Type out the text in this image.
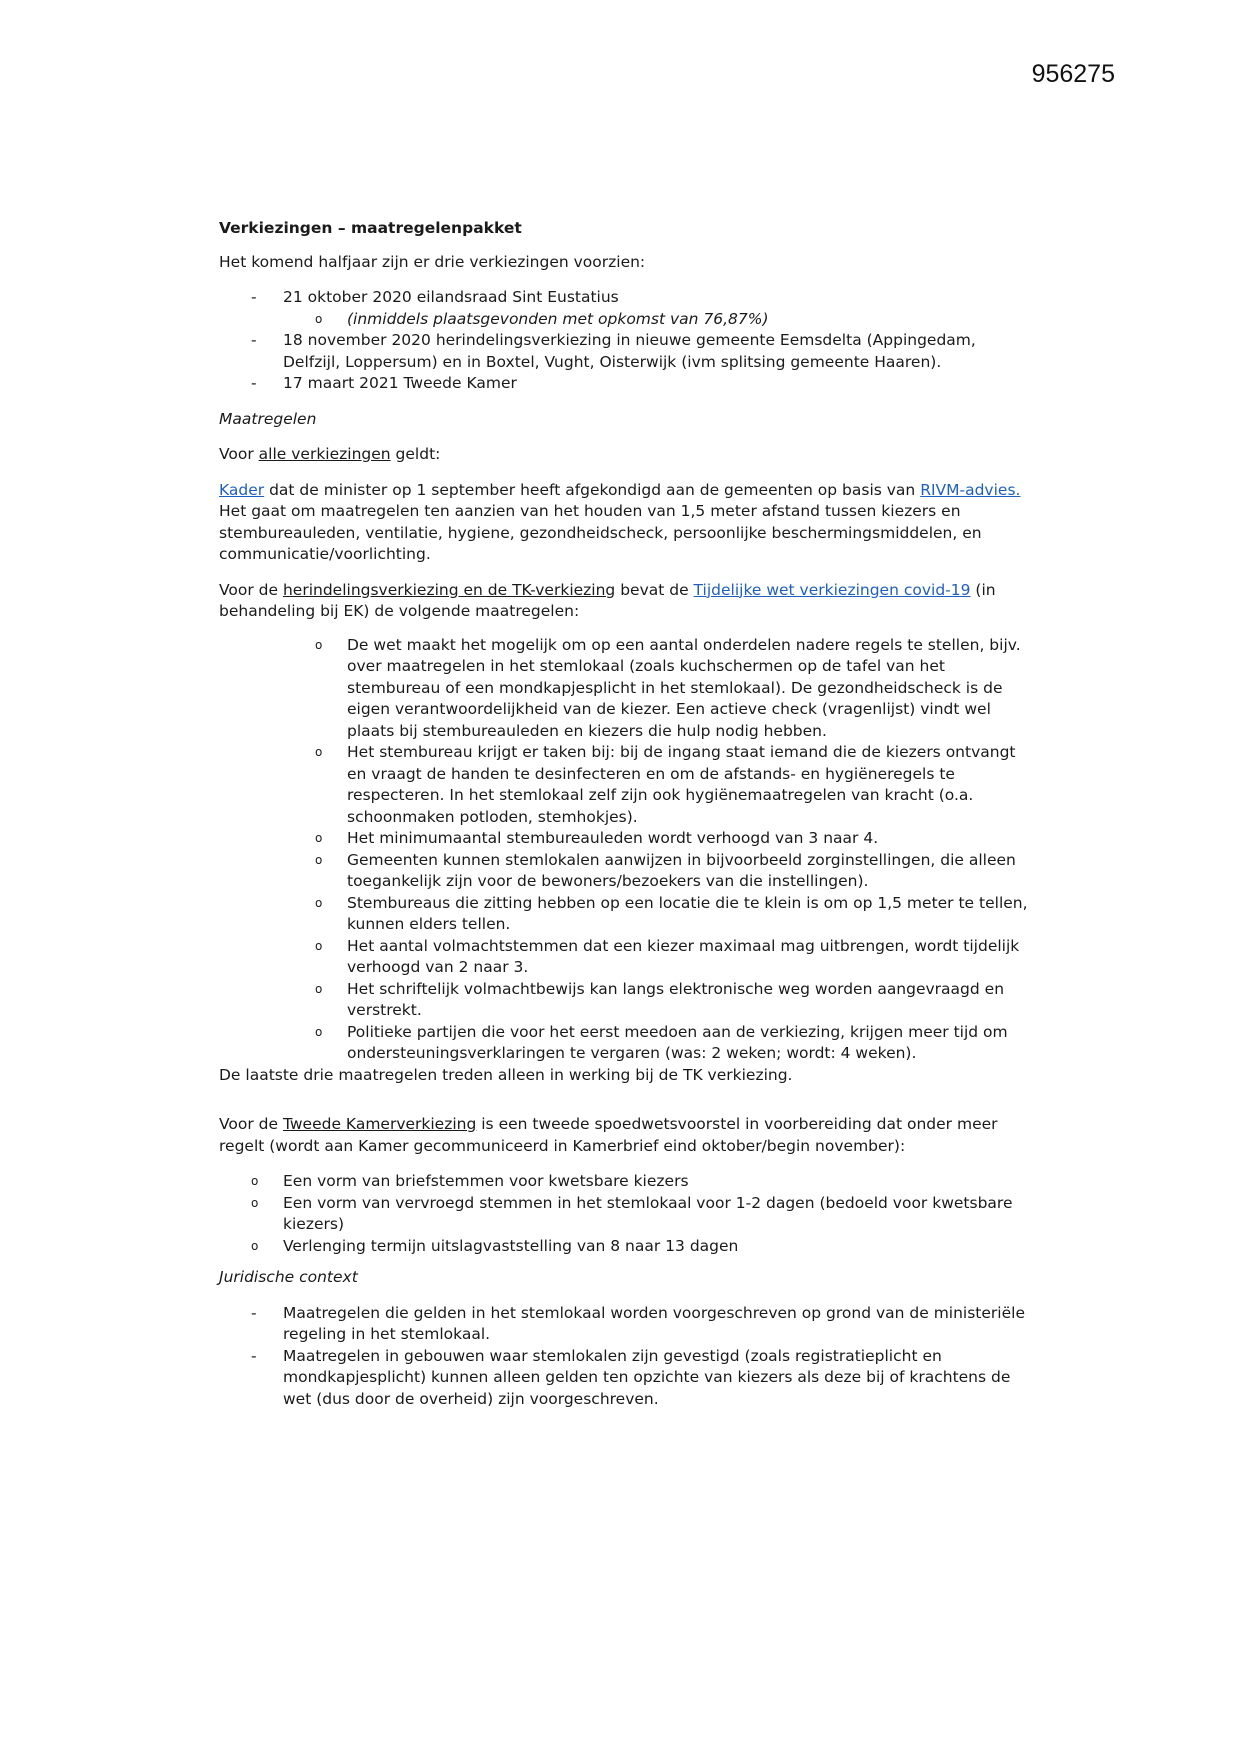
956275
Verkiezingen – maatregelenpakket

Het komend halfjaar zijn er drie verkiezingen voorzien:

- 21 oktober 2020 eilandsraad Sint Eustatius
o (inmiddels plaatsgevonden met opkomst van 76,87%)
- 18 november 2020 herindelingsverkiezing in nieuwe gemeente Eemsdelta (Appingedam, Delfzijl, Loppersum) en in Boxtel, Vught, Oisterwijk (ivm splitsing gemeente Haaren).
- 17 maart 2021 Tweede Kamer

Maatregelen

Voor alle verkiezingen geldt:

Kader dat de minister op 1 september heeft afgekondigd aan de gemeenten op basis van RIVM-advies. Het gaat om maatregelen ten aanzien van het houden van 1,5 meter afstand tussen kiezers en stembureauleden, ventilatie, hygiene, gezondheidscheck, persoonlijke beschermingsmiddelen, en communicatie/voorlichting.

Voor de herindelingsverkiezing en de TK-verkiezing bevat de Tijdelijke wet verkiezingen covid-19 (in behandeling bij EK) de volgende maatregelen:

o De wet maakt het mogelijk om op een aantal onderdelen nadere regels te stellen, bijv. over maatregelen in het stemlokaal (zoals kuchschermen op de tafel van het stembureau of een mondkapjesplicht in het stemlokaal). De gezondheidscheck is de eigen verantwoordelijkheid van de kiezer. Een actieve check (vragenlijst) vindt wel plaats bij stembureauleden en kiezers die hulp nodig hebben.
o Het stembureau krijgt er taken bij: bij de ingang staat iemand die de kiezers ontvangt en vraagt de handen te desinfecteren en om de afstands- en hygiëneregels te respecteren. In het stemlokaal zelf zijn ook hygiënemaatregelen van kracht (o.a. schoonmaken potloden, stemhokjes).
o Het minimumaantal stembureauleden wordt verhoogd van 3 naar 4.
o Gemeenten kunnen stemlokalen aanwijzen in bijvoorbeeld zorginstellingen, die alleen toegankelijk zijn voor de bewoners/bezoekers van die instellingen).
o Stembureaus die zitting hebben op een locatie die te klein is om op 1,5 meter te tellen, kunnen elders tellen.
o Het aantal volmachtstemmen dat een kiezer maximaal mag uitbrengen, wordt tijdelijk verhoogd van 2 naar 3.
o Het schriftelijk volmachtbewijs kan langs elektronische weg worden aangevraagd en verstrekt.
o Politieke partijen die voor het eerst meedoen aan de verkiezing, krijgen meer tijd om ondersteuningsverklaringen te vergaren (was: 2 weken; wordt: 4 weken).

De laatste drie maatregelen treden alleen in werking bij de TK verkiezing.

Voor de Tweede Kamerverkiezing is een tweede spoedwetsvoorstel in voorbereiding dat onder meer regelt (wordt aan Kamer gecommuniceerd in Kamerbrief eind oktober/begin november):

o Een vorm van briefstemmen voor kwetsbare kiezers
o Een vorm van vervroegd stemmen in het stemlokaal voor 1-2 dagen (bedoeld voor kwetsbare kiezers)
o Verlenging termijn uitslagvaststelling van 8 naar 13 dagen

Juridische context

- Maatregelen die gelden in het stemlokaal worden voorgeschreven op grond van de ministeriële regeling in het stemlokaal.
- Maatregelen in gebouwen waar stemlokalen zijn gevestigd (zoals registratieplicht en mondkapjesplicht) kunnen alleen gelden ten opzichte van kiezers als deze bij of krachtens de wet (dus door de overheid) zijn voorgeschreven.
